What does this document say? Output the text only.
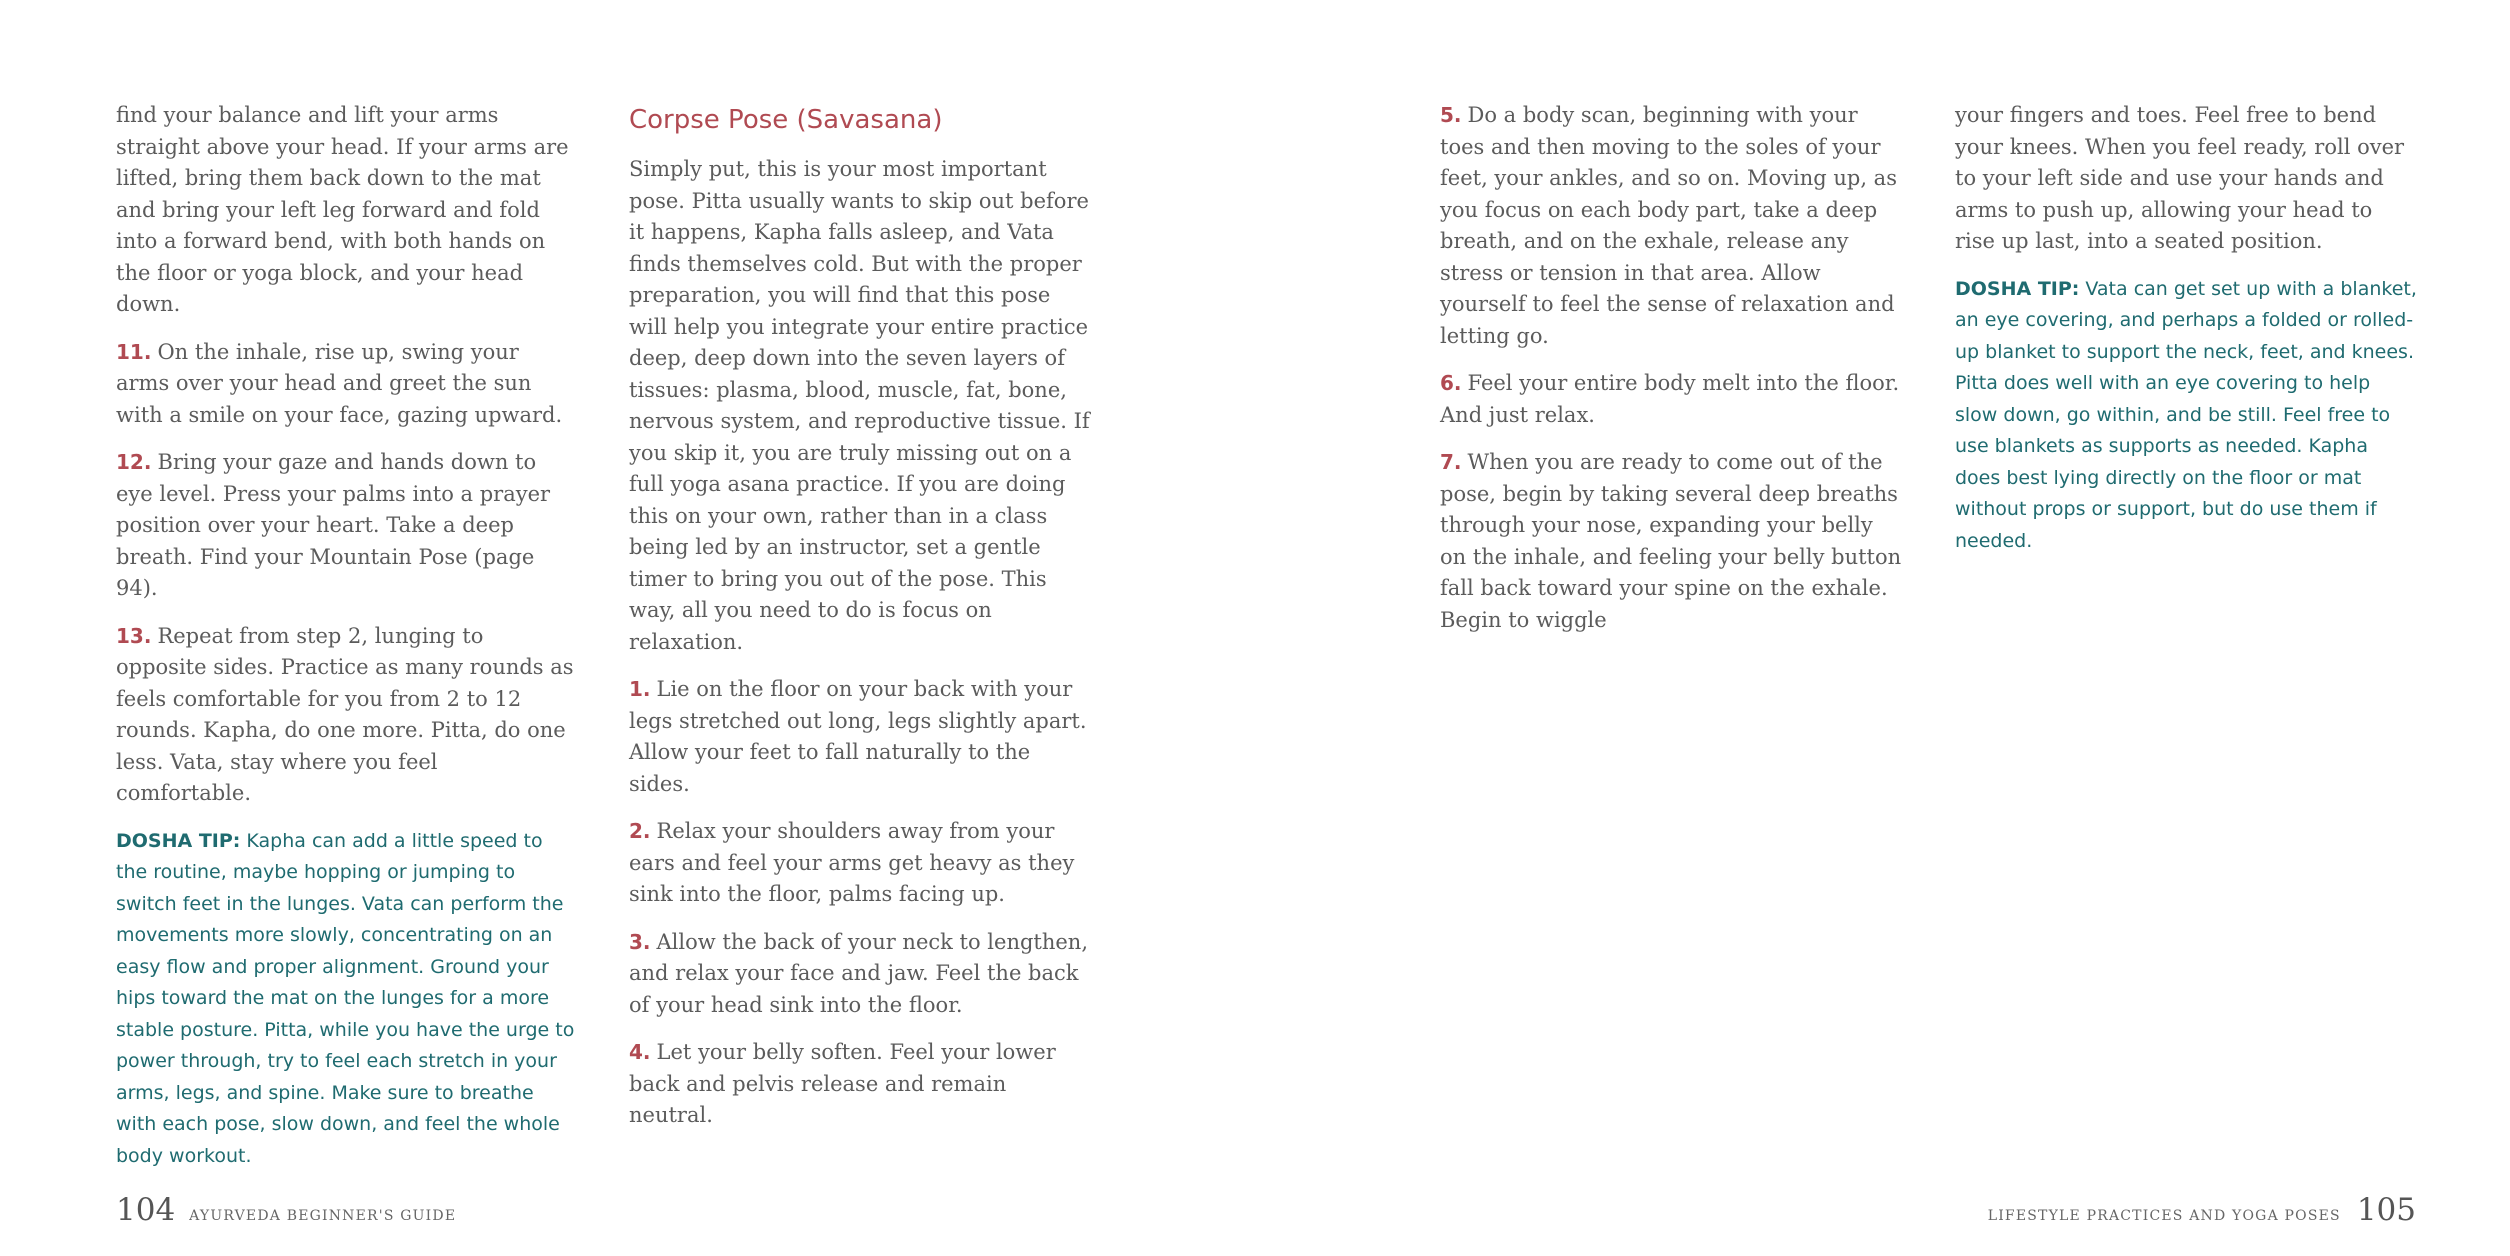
find your balance and lift your arms straight above your head. If your arms are lifted, bring them back down to the mat and bring your left leg forward and fold into a forward bend, with both hands on the floor or yoga block, and your head down.

11. On the inhale, rise up, swing your arms over your head and greet the sun with a smile on your face, gazing upward.

12. Bring your gaze and hands down to eye level. Press your palms into a prayer position over your heart. Take a deep breath. Find your Mountain Pose (page 94).

13. Repeat from step 2, lunging to opposite sides. Practice as many rounds as feels comfortable for you from 2 to 12 rounds. Kapha, do one more. Pitta, do one less. Vata, stay where you feel comfortable.

DOSHA TIP: Kapha can add a little speed to the routine, maybe hopping or jumping to switch feet in the lunges. Vata can perform the movements more slowly, concentrating on an easy flow and proper alignment. Ground your hips toward the mat on the lunges for a more stable posture. Pitta, while you have the urge to power through, try to feel each stretch in your arms, legs, and spine. Make sure to breathe with each pose, slow down, and feel the whole body workout.

Corpse Pose (Savasana)

Simply put, this is your most important pose. Pitta usually wants to skip out before it happens, Kapha falls asleep, and Vata finds themselves cold. But with the proper preparation, you will find that this pose will help you integrate your entire practice deep, deep down into the seven layers of tissues: plasma, blood, muscle, fat, bone, nervous system, and reproductive tissue. If you skip it, you are truly missing out on a full yoga asana practice. If you are doing this on your own, rather than in a class being led by an instructor, set a gentle timer to bring you out of the pose. This way, all you need to do is focus on relaxation.

1. Lie on the floor on your back with your legs stretched out long, legs slightly apart. Allow your feet to fall naturally to the sides.

2. Relax your shoulders away from your ears and feel your arms get heavy as they sink into the floor, palms facing up.

3. Allow the back of your neck to lengthen, and relax your face and jaw. Feel the back of your head sink into the floor.

4. Let your belly soften. Feel your lower back and pelvis release and remain neutral.

5. Do a body scan, beginning with your toes and then moving to the soles of your feet, your ankles, and so on. Moving up, as you focus on each body part, take a deep breath, and on the exhale, release any stress or tension in that area. Allow yourself to feel the sense of relaxation and letting go.

6. Feel your entire body melt into the floor. And just relax.

7. When you are ready to come out of the pose, begin by taking several deep breaths through your nose, expanding your belly on the inhale, and feeling your belly button fall back toward your spine on the exhale. Begin to wiggle

your fingers and toes. Feel free to bend your knees. When you feel ready, roll over to your left side and use your hands and arms to push up, allowing your head to rise up last, into a seated position.

DOSHA TIP: Vata can get set up with a blanket, an eye covering, and perhaps a folded or rolled-up blanket to support the neck, feet, and knees. Pitta does well with an eye covering to help slow down, go within, and be still. Feel free to use blankets as supports as needed. Kapha does best lying directly on the floor or mat without props or support, but do use them if needed.

104 AYURVEDA BEGINNER'S GUIDE	LIFESTYLE PRACTICES AND YOGA POSES 105
